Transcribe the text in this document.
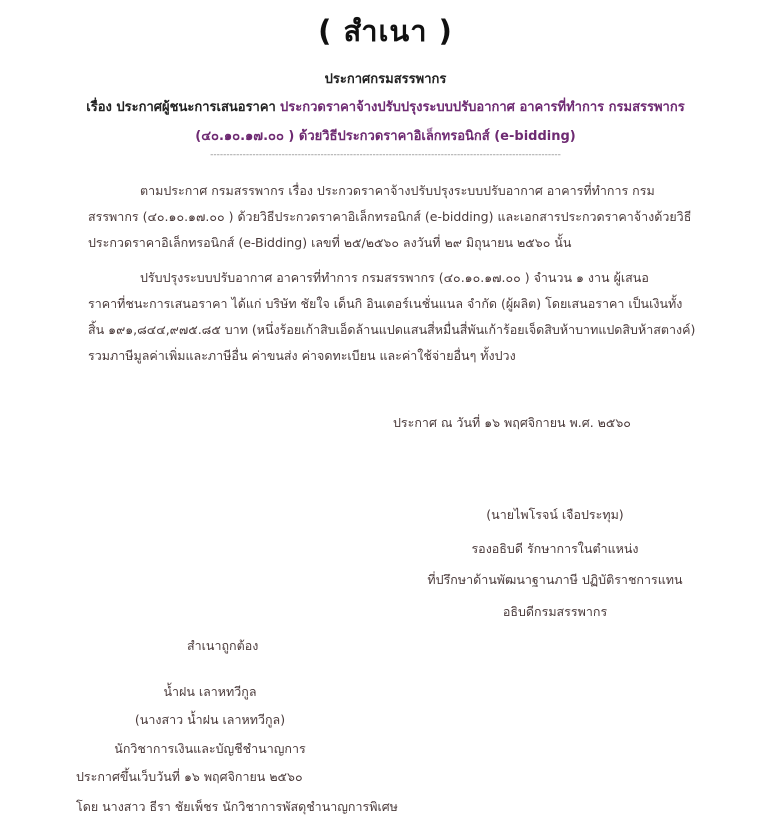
( สำเนา )
ประกาศกรมสรรพากร
เรื่อง ประกาศผู้ชนะการเสนอราคา ประกวดราคาจ้างปรับปรุงระบบปรับอากาศ อาคารที่ทำการ กรมสรรพากร
(๔๐.๑๐.๑๗.๐๐ ) ด้วยวิธีประกวดราคาอิเล็กทรอนิกส์ (e-bidding)
------------------------------------------------------------------------------------------------------------
ตามประกาศ กรมสรรพากร เรื่อง ประกวดราคาจ้างปรับปรุงระบบปรับอากาศ อาคารที่ทำการ กรม
สรรพากร (๔๐.๑๐.๑๗.๐๐ ) ด้วยวิธีประกวดราคาอิเล็กทรอนิกส์ (e-bidding) และเอกสารประกวดราคาจ้างด้วยวิธี
ประกวดราคาอิเล็กทรอนิกส์ (e-Bidding) เลขที่ ๒๕/๒๕๖๐ ลงวันที่ ๒๙ มิถุนายน ๒๕๖๐ นั้น
ปรับปรุงระบบปรับอากาศ อาคารที่ทำการ กรมสรรพากร (๔๐.๑๐.๑๗.๐๐ ) จำนวน ๑ งาน ผู้เสนอ
ราคาที่ชนะการเสนอราคา ได้แก่ บริษัท ชัยใจ เด็นกิ อินเตอร์เนชั่นแนล จำกัด (ผู้ผลิต) โดยเสนอราคา เป็นเงินทั้ง
สิ้น ๑๙๑,๘๔๔,๙๗๕.๘๕ บาท (หนึ่งร้อยเก้าสิบเอ็ดล้านแปดแสนสี่หมื่นสี่พันเก้าร้อยเจ็ดสิบห้าบาทแปดสิบห้าสตางค์)
รวมภาษีมูลค่าเพิ่มและภาษีอื่น ค่าขนส่ง ค่าจดทะเบียน และค่าใช้จ่ายอื่นๆ ทั้งปวง
ประกาศ ณ วันที่ ๑๖ พฤศจิกายน พ.ศ. ๒๕๖๐
(นายไพโรจน์ เจือประทุม)
รองอธิบดี รักษาการในตำแหน่ง
ที่ปรึกษาด้านพัฒนาฐานภาษี ปฏิบัติราชการแทน
อธิบดีกรมสรรพากร
สำเนาถูกต้อง
น้ำฝน เลาหทวีกูล
(นางสาว น้ำฝน เลาหทวีกูล)
นักวิชาการเงินและบัญชีชำนาญการ
ประกาศขึ้นเว็บวันที่ ๑๖ พฤศจิกายน ๒๕๖๐
โดย นางสาว ธีรา ชัยเพ็ชร นักวิชาการพัสดุชำนาญการพิเศษ
